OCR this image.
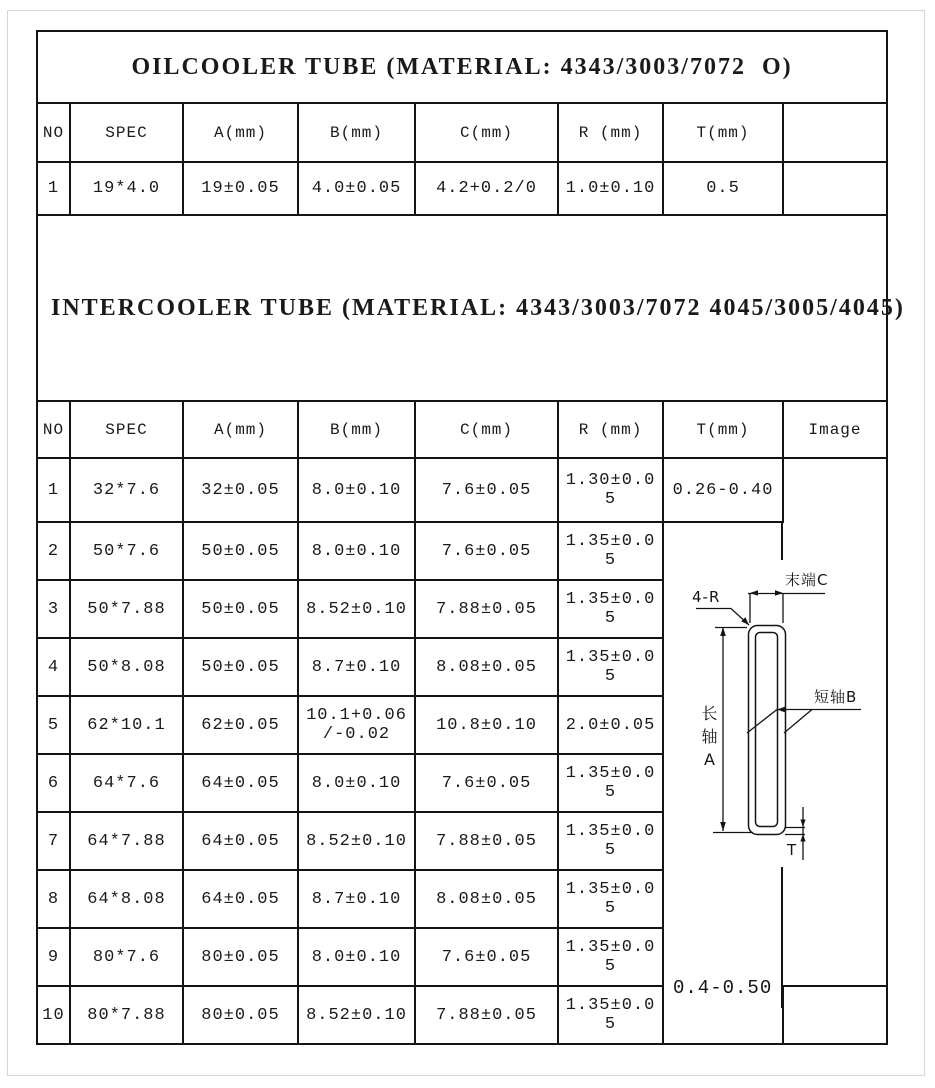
OILCOOLER TUBE (MATERIAL: 4343/3003/7072  O)							
NO	SPEC	A(mm)	B(mm)	C(mm)	R (mm)	T(mm)	
1	19*4.0	19±0.05	4.0±0.05	4.2+0.2/0	1.0±0.10	0.5	
INTERCOOLER TUBE (MATERIAL: 4343/3003/7072 4045/3005/4045)
NO	SPEC	A(mm)	B(mm)	C(mm)	R (mm)	T(mm)	Image
1	32*7.6	32±0.05	8.0±0.10	7.6±0.05	1.30±0.05	0.26-0.40	
2	50*7.6	50±0.05	8.0±0.10	7.6±0.05	1.35±0.05	
4-R
末端C
长轴A
短轴B
T
0.4-0.50

3	50*7.88	50±0.05	8.52±0.10	7.88±0.05	1.35±0.05		
4	50*8.08	50±0.05	8.7±0.10	8.08±0.05	1.35±0.05		
5	62*10.1	62±0.05	10.1+0.06/-0.02	10.8±0.10	2.0±0.05		
6	64*7.6	64±0.05	8.0±0.10	7.6±0.05	1.35±0.05		
7	64*7.88	64±0.05	8.52±0.10	7.88±0.05	1.35±0.05		
8	64*8.08	64±0.05	8.7±0.10	8.08±0.05	1.35±0.05		
9	80*7.6	80±0.05	8.0±0.10	7.6±0.05	1.35±0.05		
10	80*7.88	80±0.05	8.52±0.10	7.88±0.05	1.35±0.05		
